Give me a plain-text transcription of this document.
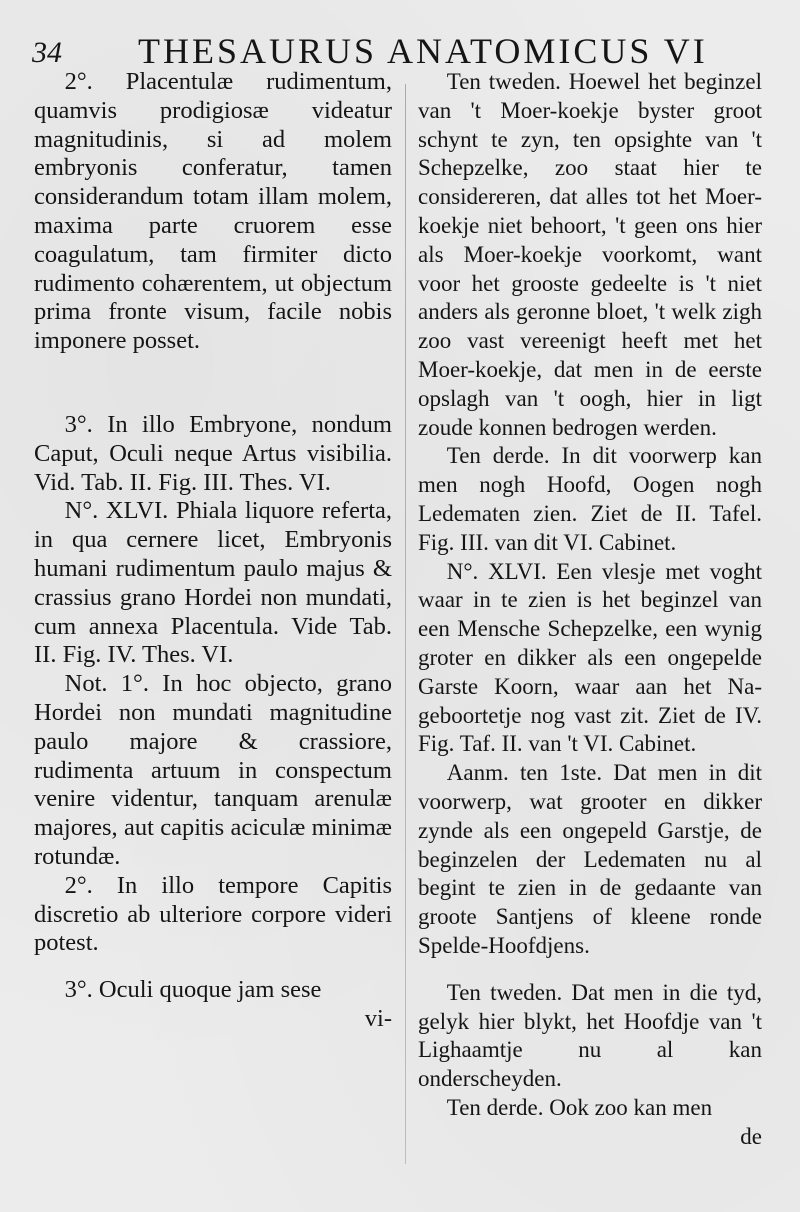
34 THESAURUS ANATOMICUS VI

2°. Placentulæ rudimentum, quamvis prodigiosæ videatur magnitudinis, si ad molem embryonis conferatur, tamen considerandum totam illam molem, maxima parte cruorem esse coagulatum, tam firmiter dicto rudimento cohærentem, ut objectum prima fronte visum, facile nobis imponere posset.

3°. In illo Embryone, nondum Caput, Oculi neque Artus visibilia. Vid. Tab. II. Fig. III. Thes. VI.

N°. XLVI. Phiala liquore referta, in qua cernere licet, Embryonis humani rudimentum paulo majus & crassius grano Hordei non mundati, cum annexa Placentula. Vide Tab. II. Fig. IV. Thes. VI.

Not. 1°. In hoc objecto, grano Hordei non mundati magnitudine paulo majore & crassiore, rudimenta artuum in conspectum venire videntur, tanquam arenulæ majores, aut capitis aciculæ minimæ rotundæ.

2°. In illo tempore Capitis discretio ab ulteriore corpore videri potest.

3°. Oculi quoque jam sese

vi-

Ten tweden. Hoewel het beginzel van 't Moer-koekje byster groot schynt te zyn, ten opsighte van 't Schepzelke, zoo staat hier te considereren, dat alles tot het Moer-koekje niet behoort, 't geen ons hier als Moer-koekje voorkomt, want voor het grooste gedeelte is 't niet anders als geronne bloet, 't welk zigh zoo vast vereenigt heeft met het Moer-koekje, dat men in de eerste opslagh van 't oogh, hier in ligt zoude konnen bedrogen werden.

Ten derde. In dit voorwerp kan men nogh Hoofd, Oogen nogh Ledematen zien. Ziet de II. Tafel. Fig. III. van dit VI. Cabinet.

N°. XLVI. Een vlesje met voght waar in te zien is het beginzel van een Mensche Schepzelke, een wynig groter en dikker als een ongepelde Garste Koorn, waar aan het Na-geboortetje nog vast zit. Ziet de IV. Fig. Taf. II. van 't VI. Cabinet.

Aanm. ten 1ste. Dat men in dit voorwerp, wat grooter en dikker zynde als een ongepeld Garstje, de beginzelen der Ledematen nu al begint te zien in de gedaante van groote Santjens of kleene ronde Spelde-Hoofdjens.

Ten tweden. Dat men in die tyd, gelyk hier blykt, het Hoofdje van 't Lighaamtje nu al kan onderscheyden.

Ten derde. Ook zoo kan men

de
